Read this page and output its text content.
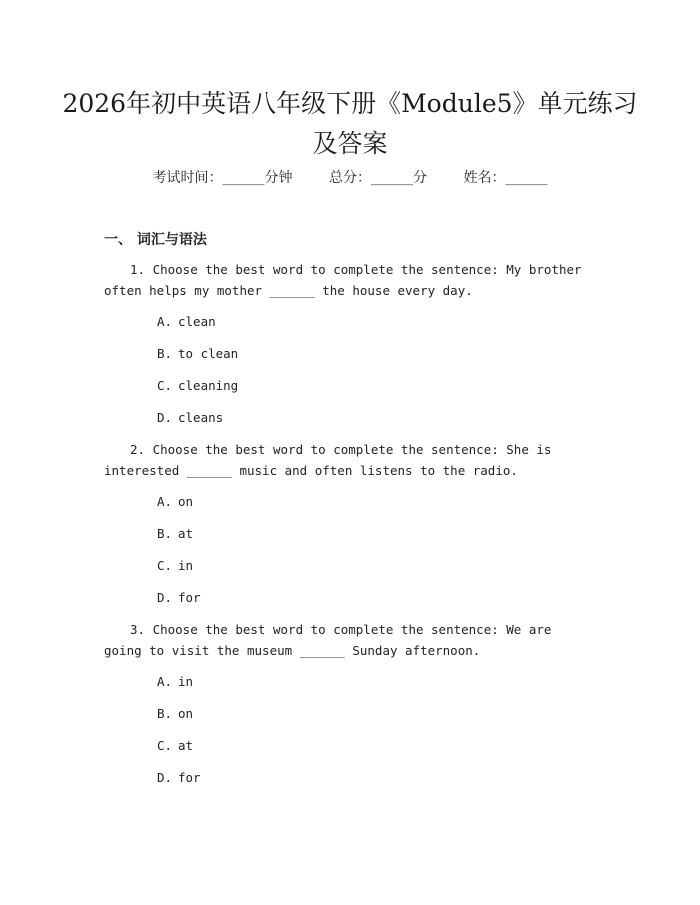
2026年初中英语八年级下册《Module5》单元练习及答案
考试时间：______分钟	总分：______分	姓名：______
一、 词汇与语法
1. Choose the best word to complete the sentence: My brother often helps my mother ______ the house every day.
A. clean
B. to clean
C. cleaning
D. cleans
2. Choose the best word to complete the sentence: She is interested ______ music and often listens to the radio.
A. on
B. at
C. in
D. for
3. Choose the best word to complete the sentence: We are going to visit the museum ______ Sunday afternoon.
A. in
B. on
C. at
D. for
